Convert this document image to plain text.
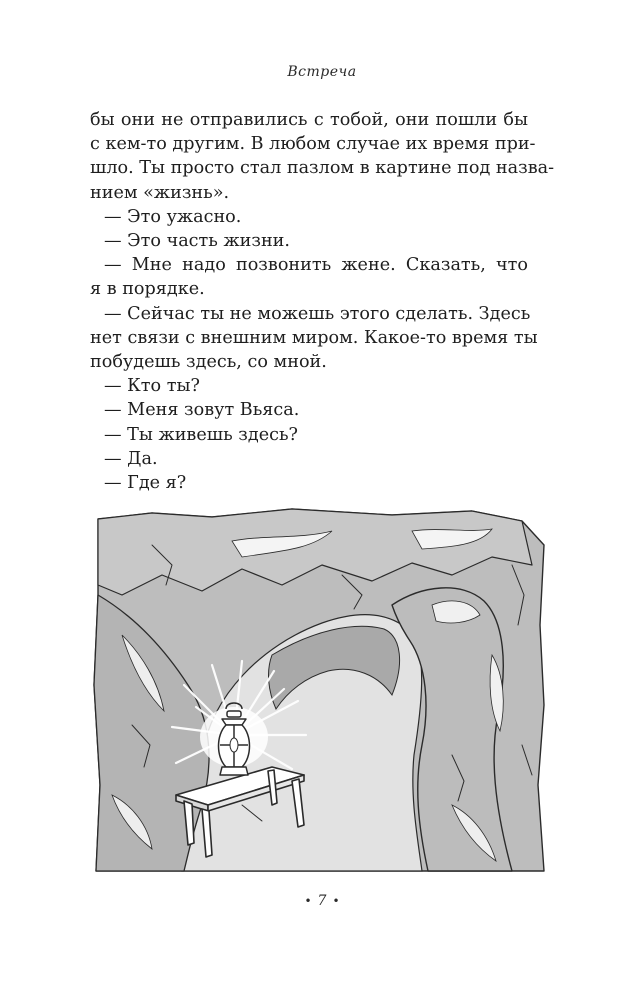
Встреча
бы они не отправились с тобой, они пошли бы
с кем-то другим. В любом случае их время при-
шло. Ты просто стал пазлом в картине под назва-
нием «жизнь».
— Это ужасно.
— Это часть жизни.
— Мне надо позвонить жене. Сказать, что
я в порядке.
— Сейчас ты не можешь этого сделать. Здесь
нет связи с внешним миром. Какое-то время ты
побудешь здесь, со мной.
— Кто ты?
— Меня зовут Вьяса.
— Ты живешь здесь?
— Да.
— Где я?
• 7 •
